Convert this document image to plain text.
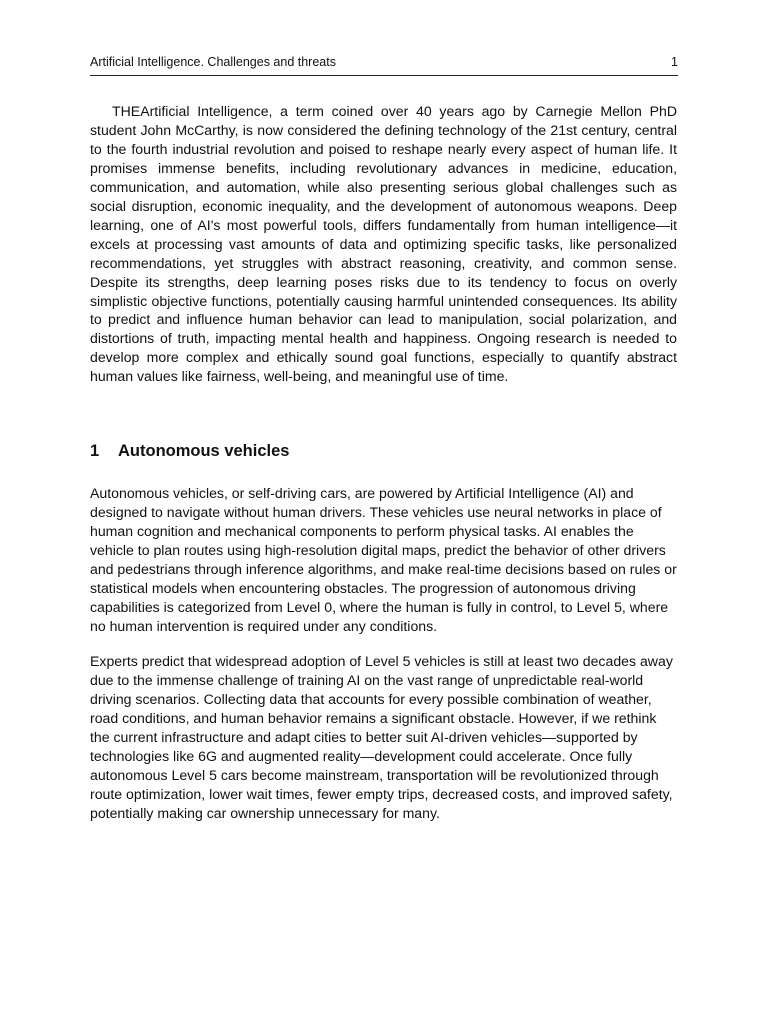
Artificial Intelligence. Challenges and threats	1

THEArtificial Intelligence, a term coined over 40 years ago by Carnegie Mellon PhD student John McCarthy, is now considered the defining technology of the 21st century, central to the fourth industrial revolution and poised to reshape nearly every aspect of human life. It promises immense benefits, including revolutionary advances in medicine, education, communication, and automation, while also presenting serious global challenges such as social disruption, economic inequality, and the development of autonomous weapons. Deep learning, one of AI's most powerful tools, differs fundamentally from human intelligence—it excels at processing vast amounts of data and optimizing specific tasks, like personalized recommendations, yet struggles with abstract reasoning, creativity, and common sense. Despite its strengths, deep learning poses risks due to its tendency to focus on overly simplistic objective functions, potentially causing harmful unintended consequences. Its ability to predict and influence human behavior can lead to manipulation, social polarization, and distortions of truth, impacting mental health and happiness. Ongoing research is needed to develop more complex and ethically sound goal functions, especially to quantify abstract human values like fairness, well-being, and meaningful use of time.

1 Autonomous vehicles

Autonomous vehicles, or self-driving cars, are powered by Artificial Intelligence (AI) and designed to navigate without human drivers. These vehicles use neural networks in place of human cognition and mechanical components to perform physical tasks. AI enables the vehicle to plan routes using high-resolution digital maps, predict the behavior of other drivers and pedestrians through inference algorithms, and make real-time decisions based on rules or statistical models when encountering obstacles. The progression of autonomous driving capabilities is categorized from Level 0, where the human is fully in control, to Level 5, where no human intervention is required under any conditions.

Experts predict that widespread adoption of Level 5 vehicles is still at least two decades away due to the immense challenge of training AI on the vast range of unpredictable real-world driving scenarios. Collecting data that accounts for every possible combination of weather, road conditions, and human behavior remains a significant obstacle. However, if we rethink the current infrastructure and adapt cities to better suit AI-driven vehicles—supported by technologies like 6G and augmented reality—development could accelerate. Once fully autonomous Level 5 cars become mainstream, transportation will be revolutionized through route optimization, lower wait times, fewer empty trips, decreased costs, and improved safety, potentially making car ownership unnecessary for many.
